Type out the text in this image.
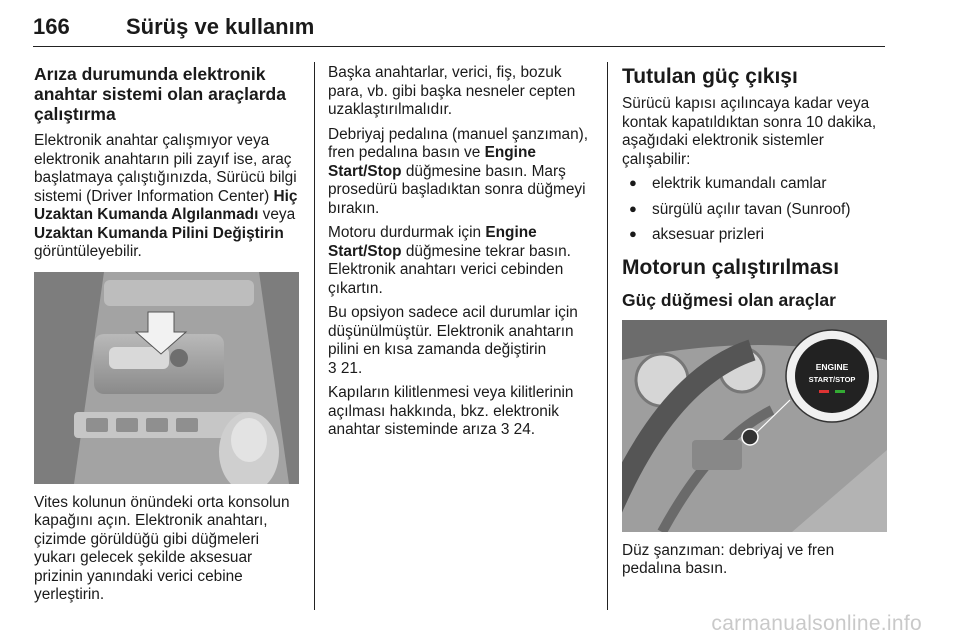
166	Sürüş ve kullanım
Arıza durumunda elektronik anahtar sistemi olan araçlarda çalıştırma

Elektronik anahtar çalışmıyor veya elektronik anahtarın pili zayıf ise, araç başlatmaya çalıştığınızda, Sürücü bilgi sistemi (Driver Information Center) Hiç Uzaktan Kumanda Algılanmadı veya Uzaktan Kumanda Pilini Değiştirin görüntüleyebilir.

Vites kolunun önündeki orta konsolun kapağını açın. Elektronik anahtarı, çizimde görüldüğü gibi düğmeleri yukarı gelecek şekilde aksesuar prizinin yanındaki verici cebine yerleştirin.

Başka anahtarlar, verici, fiş, bozuk para, vb. gibi başka nesneler cepten uzaklaştırılmalıdır.

Debriyaj pedalına (manuel şanzıman), fren pedalına basın ve Engine Start/Stop düğmesine basın. Marş prosedürü başladıktan sonra düğmeyi bırakın.

Motoru durdurmak için Engine Start/Stop düğmesine tekrar basın. Elektronik anahtarı verici cebinden çıkartın.

Bu opsiyon sadece acil durumlar için düşünülmüştür. Elektronik anahtarın pilini en kısa zamanda değiştirin
3 21.

Kapıların kilitlenmesi veya kilitlerinin açılması hakkında, bkz. elektronik anahtar sisteminde arıza 3 24.

Tutulan güç çıkışı

Sürücü kapısı açılıncaya kadar veya kontak kapatıldıktan sonra 10 dakika, aşağıdaki elektronik sistemler çalışabilir:

● elektrik kumandalı camlar
● sürgülü açılır tavan (Sunroof)
● aksesuar prizleri
Motorun çalıştırılması
Güç düğmesi olan araçlar
ENGINE
START/STOP

Düz şanzıman: debriyaj ve fren pedalına basın.

carmanualsonline.info
